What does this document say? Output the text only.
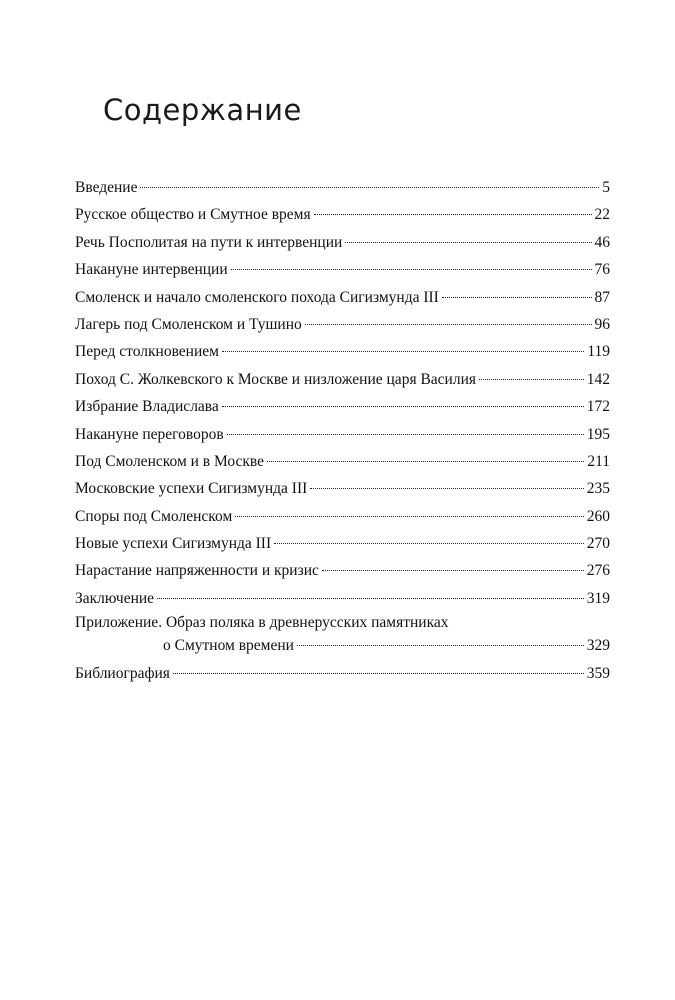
Содержание
Введение	5
Русское общество и Смутное время	22
Речь Посполитая на пути к интервенции	46
Накануне интервенции	76
Смоленск и начало смоленского похода Сигизмунда III	87
Лагерь под Смоленском и Тушино	96
Перед столкновением	119
Поход С. Жолкевского к Москве и низложение царя Василия	142
Избрание Владислава	172
Накануне переговоров	195
Под Смоленском и в Москве	211
Московские успехи Сигизмунда III	235
Споры под Смоленском	260
Новые успехи Сигизмунда III	270
Нарастание напряженности и кризис	276
Заключение	319
Приложение. Образ поляка в древнерусских памятниках
о Смутном времени	329
Библиография	359
